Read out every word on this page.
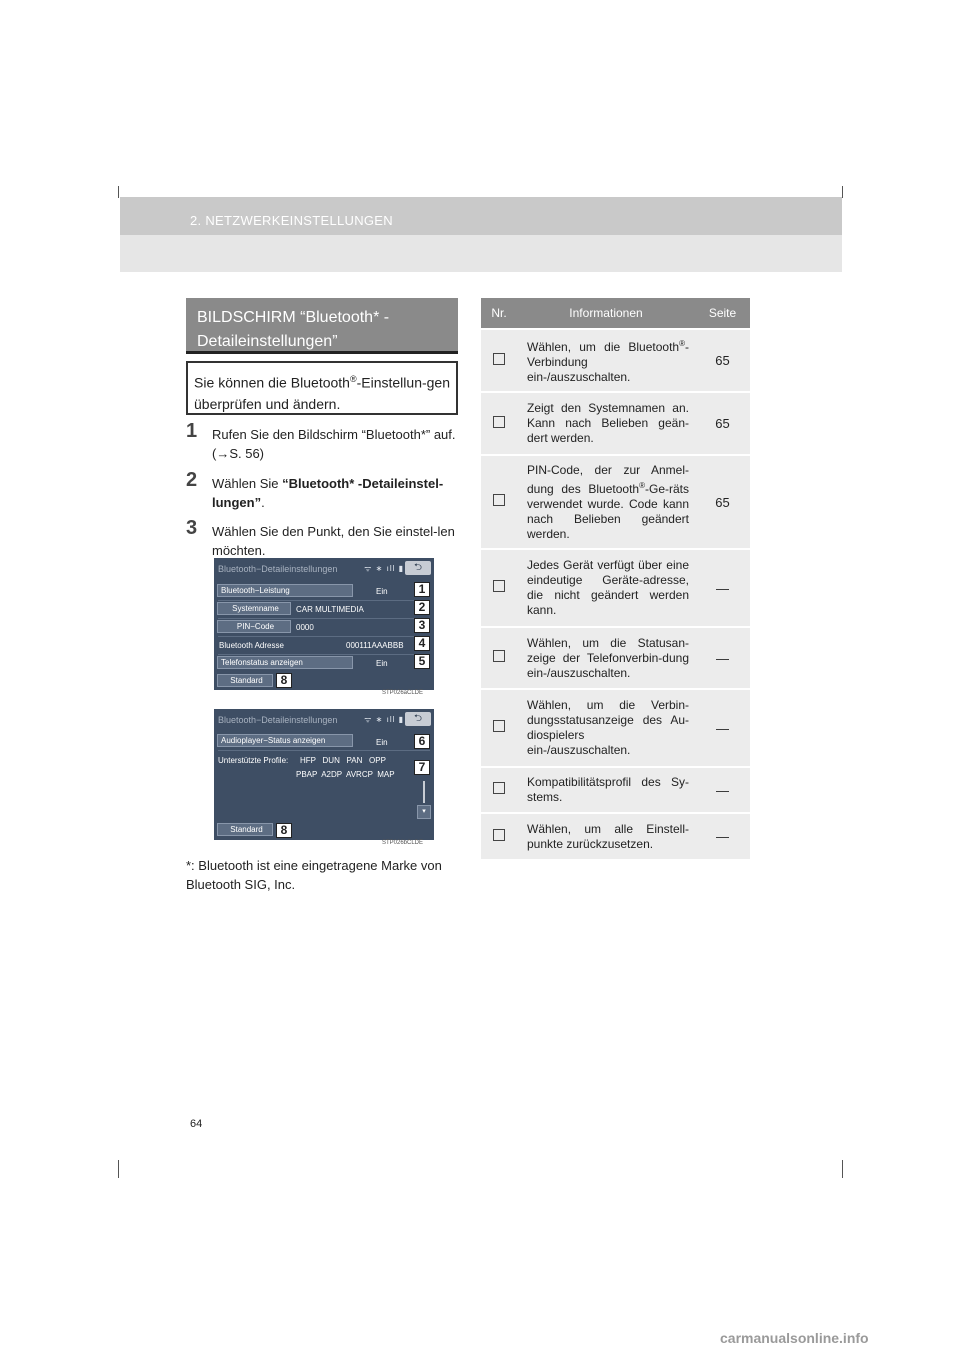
2. NETZWERKEINSTELLUNGEN
BILDSCHIRM “Bluetooth* - Detaileinstellungen”
Sie können die Bluetooth®-Einstellun-gen überprüfen und ändern.
1	Rufen Sie den Bildschirm “Bluetooth*” auf. (→S. 56)
2	Wählen Sie “Bluetooth* -Detaileinstel-lungen”.
3	Wählen Sie den Punkt, den Sie einstel-len möchten.
Bluetooth−Detaileinstellungen	ᯤ ∗ ıll ▮ ⮌
Bluetooth−Leistung	Ein
Systemname	CAR MULTIMEDIA
PIN−Code	0000
Bluetooth Adresse	000111AAABBB
Telefonstatus anzeigen	Ein
Standard
1
2
3
4
5
8
STP026aCLDE
Bluetooth−Detaileinstellungen	ᯤ ∗ ıll ▮ ⮌
Audioplayer−Status anzeigen	Ein
Unterstützte Profile: HFP   DUN   PAN   OPP
PBAP  A2DP  AVRCP  MAP
▾
Standard
6
7
8
STP026bCLDE
*: Bluetooth ist eine eingetragene Marke von Bluetooth SIG, Inc.
Nr.	Informationen	Seite
	Wählen, um die Bluetooth®-Verbindung ein-/auszuschalten.	65
	Zeigt den Systemnamen an. Kann nach Belieben geän-dert werden.	65
	PIN-Code, der zur Anmel-dung des Bluetooth®-Ge-räts verwendet wurde. Code kann nach Belieben geändert werden.	65
	Jedes Gerät verfügt über eine eindeutige Geräte-adresse, die nicht geändert werden kann.	—
	Wählen, um die Statusan-zeige der Telefonverbin-dung ein-/auszuschalten.	—
	Wählen, um die Verbin-dungsstatusanzeige des Au-diospielers ein-/auszuschalten.	—
	Kompatibilitätsprofil des Sy-stems.	—
	Wählen, um alle Einstell-punkte zurückzusetzen.	—
64
carmanualsonline.info
